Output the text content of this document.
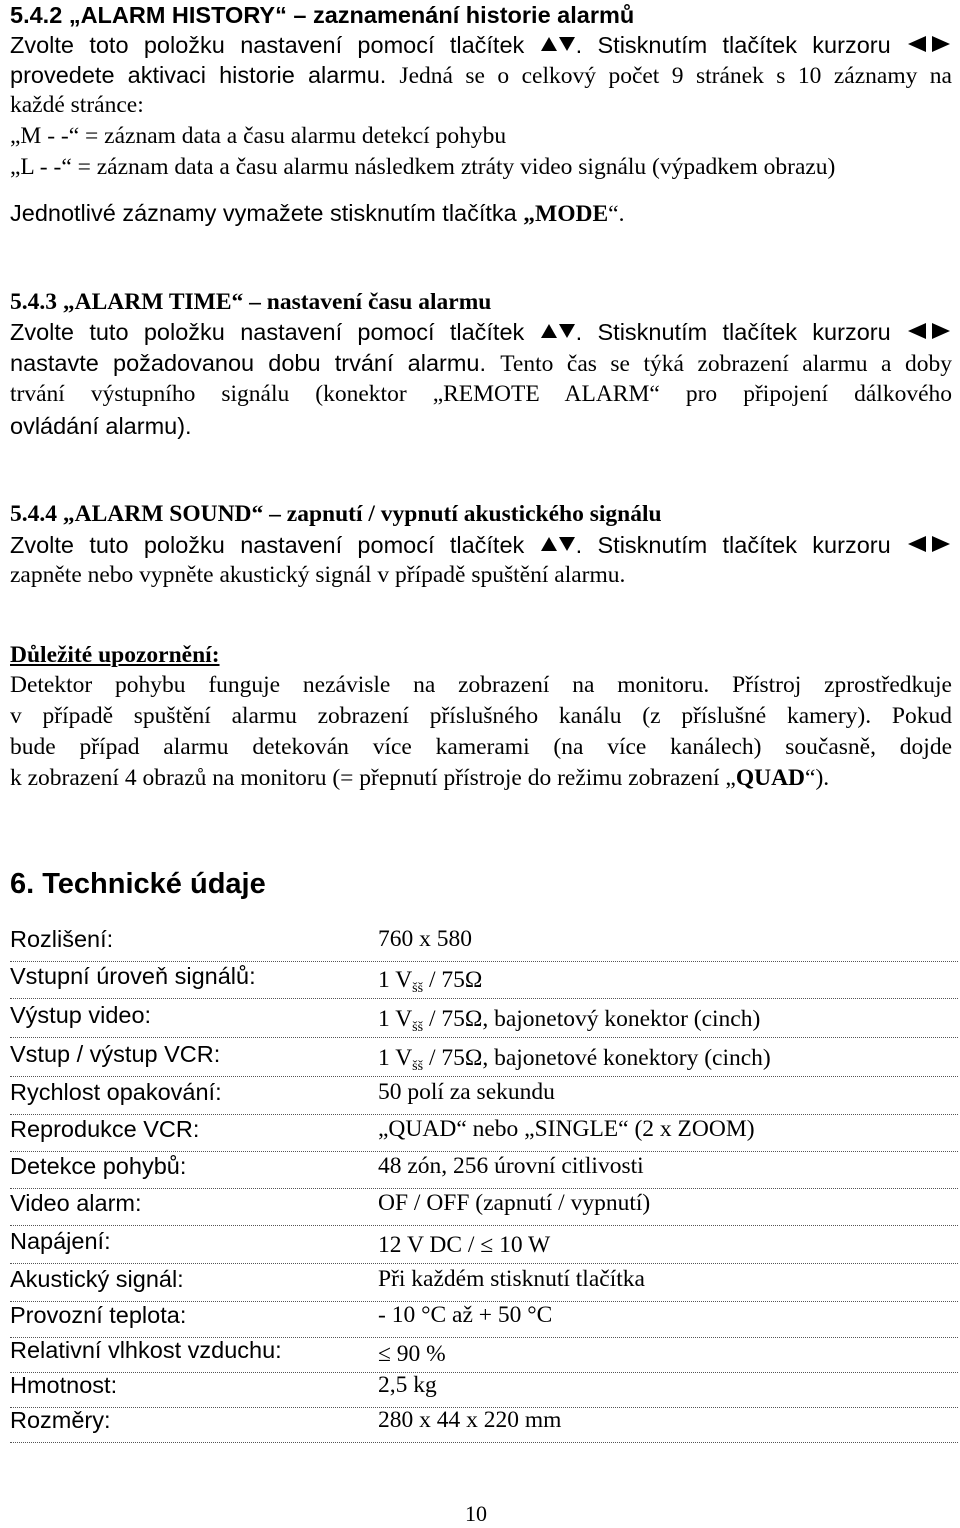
5.4.2 „ALARM HISTORY“ – zaznamenání historie alarmů
Zvolte toto položku nastavení pomocí tlačítek . Stisknutím tlačítek kurzoru
provedete aktivaci historie alarmu. Jedná se o celkový počet 9 stránek s 10 záznamy na
každé stránce:
„M - -“ = záznam data a času alarmu detekcí pohybu
„L - -“ = záznam data a času alarmu následkem ztráty video signálu (výpadkem obrazu)
Jednotlivé záznamy vymažete stisknutím tlačítka „MODE“.
5.4.3 „ALARM TIME“ – nastavení času alarmu
Zvolte tuto položku nastavení pomocí tlačítek . Stisknutím tlačítek kurzoru
nastavte požadovanou dobu trvání alarmu. Tento čas se týká zobrazení alarmu a doby
trvání výstupního signálu (konektor „REMOTE ALARM“ pro připojení dálkového
ovládání alarmu).
5.4.4 „ALARM SOUND“ – zapnutí / vypnutí akustického signálu
Zvolte tuto položku nastavení pomocí tlačítek . Stisknutím tlačítek kurzoru
zapněte nebo vypněte akustický signál v případě spuštění alarmu.
Důležité upozornění:
Detektor pohybu funguje nezávisle na zobrazení na monitoru. Přístroj zprostředkuje
v případě spuštění alarmu zobrazení příslušného kanálu (z příslušné kamery). Pokud
bude případ alarmu detekován více kamerami (na více kanálech) současně, dojde
k zobrazení 4 obrazů na monitoru (= přepnutí přístroje do režimu zobrazení „QUAD“).
6. Technické údaje
Rozlišení:	760 x 580
Vstupní úroveň signálů:	1 $V_{šš} / 75\Omega$
Výstup video:	1 $V_{šš} / 75\Omega$, bajonetový konektor (cinch)
Vstup / výstup VCR:	1 $V_{šš} / 75\Omega$, bajonetové konektory (cinch)
Rychlost opakování:	50 polí za sekundu
Reprodukce VCR:	„QUAD“ nebo „SINGLE“ (2 x ZOOM)
Detekce pohybů:	48 zón, 256 úrovní citlivosti
Video alarm:	OF / OFF (zapnutí / vypnutí)
Napájení:	12 V DC / ≤ 10 W
Akustický signál:	Při každém stisknutí tlačítka
Provozní teplota:	- 10 °C až + 50 °C
Relativní vlhkost vzduchu:	≤ 90 %
Hmotnost:	2,5 kg
Rozměry:	280 x 44 x 220 mm
10
